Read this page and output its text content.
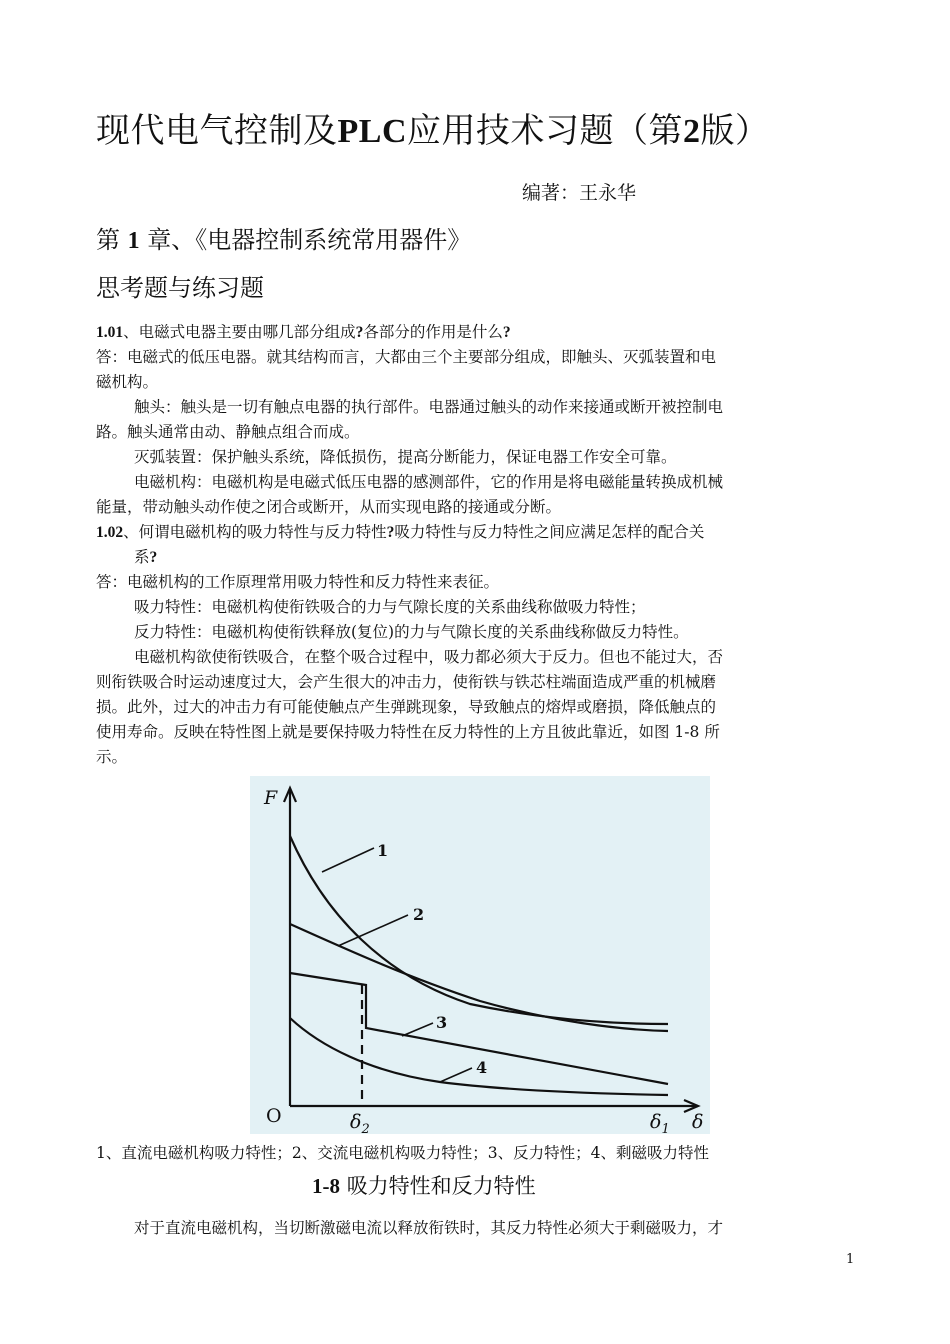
现代电气控制及PLC应用技术习题（第2版）
编著：王永华
第 1 章、《电器控制系统常用器件》
思考题与练习题
1.01、电磁式电器主要由哪几部分组成?各部分的作用是什么?
答：电磁式的低压电器。就其结构而言，大都由三个主要部分组成，即触头、灭弧装置和电
磁机构。
触头：触头是一切有触点电器的执行部件。电器通过触头的动作来接通或断开被控制电
路。触头通常由动、静触点组合而成。
灭弧装置：保护触头系统，降低损伤，提高分断能力，保证电器工作安全可靠。
电磁机构：电磁机构是电磁式低压电器的感测部件，它的作用是将电磁能量转换成机械
能量，带动触头动作使之闭合或断开，从而实现电路的接通或分断。
1.02、何谓电磁机构的吸力特性与反力特性?吸力特性与反力特性之间应满足怎样的配合关
系?
答：电磁机构的工作原理常用吸力特性和反力特性来表征。
吸力特性：电磁机构使衔铁吸合的力与气隙长度的关系曲线称做吸力特性；
反力特性：电磁机构使衔铁释放(复位)的力与气隙长度的关系曲线称做反力特性。
电磁机构欲使衔铁吸合，在整个吸合过程中，吸力都必须大于反力。但也不能过大，否
则衔铁吸合时运动速度过大，会产生很大的冲击力，使衔铁与铁芯柱端面造成严重的机械磨
损。此外，过大的冲击力有可能使触点产生弹跳现象，导致触点的熔焊或磨损，降低触点的
使用寿命。反映在特性图上就是要保持吸力特性在反力特性的上方且彼此靠近，如图 1-8 所
示。
F
δ
O	$\delta_2$	$\delta_1$
1
2
3
4
1、直流电磁机构吸力特性；2、交流电磁机构吸力特性；3、反力特性；4、剩磁吸力特性
1-8 吸力特性和反力特性
对于直流电磁机构，当切断激磁电流以释放衔铁时，其反力特性必须大于剩磁吸力，才
1
